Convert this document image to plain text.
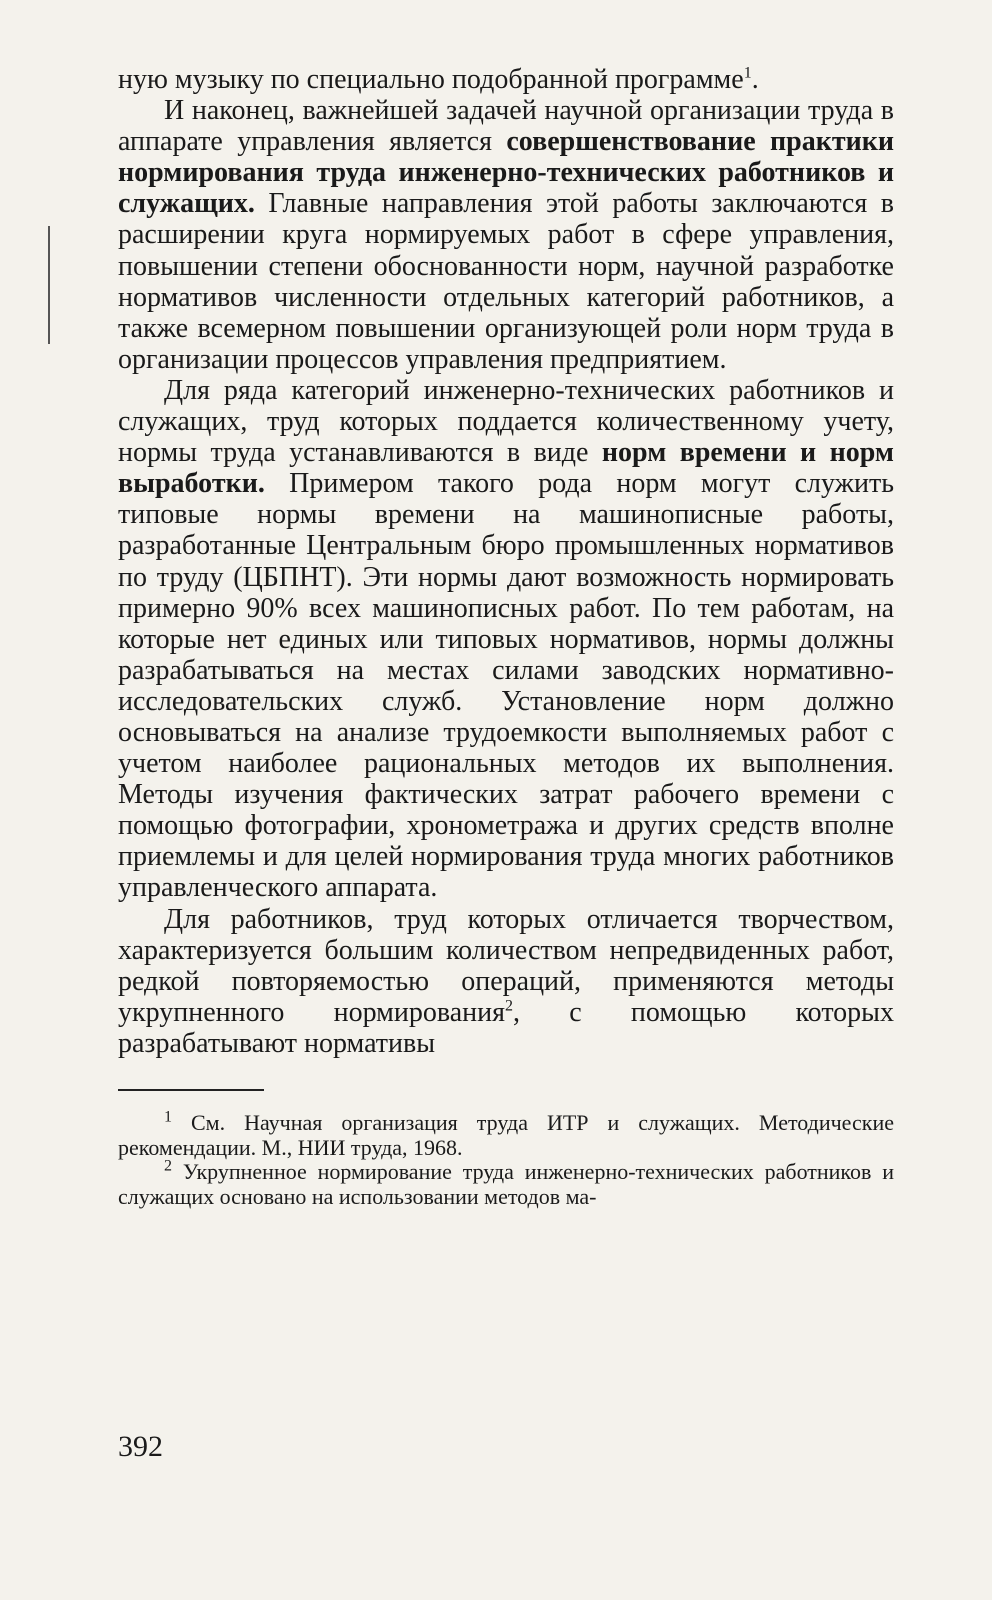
ную музыку по специально подобранной программе$^1$.

И наконец, важнейшей задачей научной организации труда в аппарате управления является совершенствование практики нормирования труда инженерно-технических работников и служащих. Главные направления этой работы заключаются в расширении круга нормируемых работ в сфере управления, повышении степени обоснованности норм, научной разработке нормативов численности отдельных категорий работников, а также всемерном повышении организующей роли норм труда в организации процессов управления предприятием.

Для ряда категорий инженерно-технических работников и служащих, труд которых поддается количественному учету, нормы труда устанавливаются в виде норм времени и норм выработки. Примером такого рода норм могут служить типовые нормы времени на машинописные работы, разработанные Центральным бюро промышленных нормативов по труду (ЦБПНТ). Эти нормы дают возможность нормировать примерно 90% всех машинописных работ. По тем работам, на которые нет единых или типовых нормативов, нормы должны разрабатываться на местах силами заводских нормативно-исследовательских служб. Установление норм должно основываться на анализе трудоемкости выполняемых работ с учетом наиболее рациональных методов их выполнения. Методы изучения фактических затрат рабочего времени с помощью фотографии, хронометража и других средств вполне приемлемы и для целей нормирования труда многих работников управленческого аппарата.

Для работников, труд которых отличается творчеством, характеризуется большим количеством непредвиденных работ, редкой повторяемостью операций, применяются методы укрупненного нормирования$^2$, с помощью которых разрабатывают нормативы

$^1$ См. Научная организация труда ИТР и служащих. Методические рекомендации. М., НИИ труда, 1968.

$^2$ Укрупненное нормирование труда инженерно-технических работников и служащих основано на использовании методов ма-

392
